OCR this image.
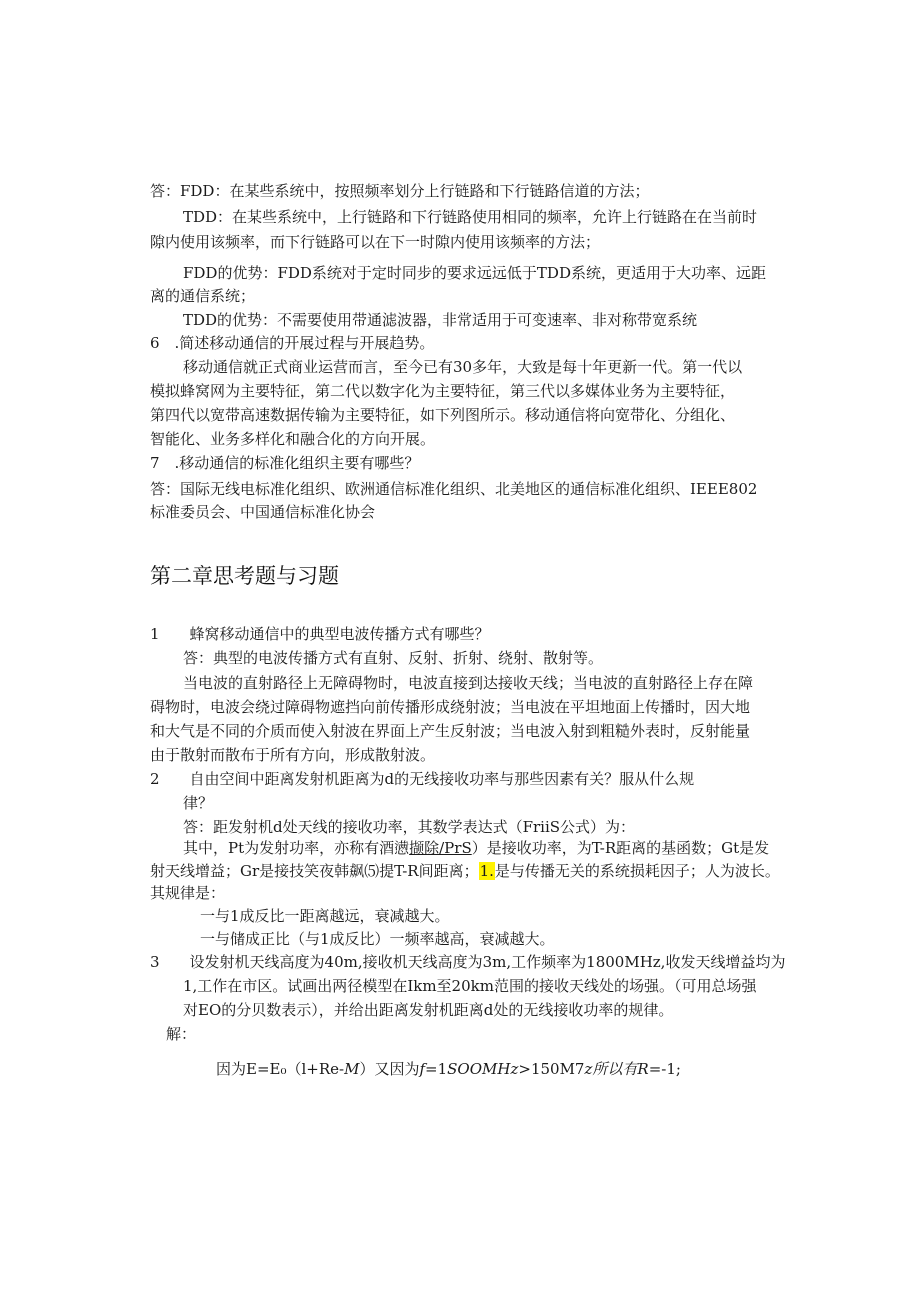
答：FDD：在某些系统中，按照频率划分上行链路和下行链路信道的方法；
TDD：在某些系统中，上行链路和下行链路使用相同的频率，允许上行链路在在当前时
隙内使用该频率，而下行链路可以在下一时隙内使用该频率的方法；
FDD的优势：FDD系统对于定时同步的要求远远低于TDD系统，更适用于大功率、远距
离的通信系统；
TDD的优势：不需要使用带通滤波器，非常适用于可变速率、非对称带宽系统
6　.简述移动通信的开展过程与开展趋势。
移动通信就正式商业运营而言，至今已有30多年，大致是每十年更新一代。第一代以
模拟蜂窝网为主要特征，第二代以数字化为主要特征，第三代以多媒体业务为主要特征，
第四代以宽带高速数据传输为主要特征，如下列图所示。移动通信将向宽带化、分组化、
智能化、业务多样化和融合化的方向开展。
7　.移动通信的标准化组织主要有哪些？
答：国际无线电标准化组织、欧洲通信标准化组织、北美地区的通信标准化组织、IEEE802
标准委员会、中国通信标准化协会
第二章思考题与习题
1　　蜂窝移动通信中的典型电波传播方式有哪些？
答：典型的电波传播方式有直射、反射、折射、绕射、散射等。
当电波的直射路径上无障碍物时，电波直接到达接收天线；当电波的直射路径上存在障
碍物时，电波会绕过障碍物遮挡向前传播形成绕射波；当电波在平坦地面上传播时，因大地
和大气是不同的介质而使入射波在界面上产生反射波；当电波入射到粗糙外表时，反射能量
由于散射而散布于所有方向，形成散射波。
2　　自由空间中距离发射机距离为d的无线接收功率与那些因素有关？服从什么规
律？
答：距发射机d处天线的接收功率，其数学表达式（FriiS公式）为：
其中，Pt为发射功率，亦称有酒懑撷除/PrS）是接收功率，为T-R距离的基函数；Gt是发
射天线增益；Gr是接技笑夜韩飙⑸提T-R间距离；1.是与传播无关的系统损耗因子；人为波长。
其规律是：
一与1成反比一距离越远，衰减越大。
一与储成正比（与1成反比）一频率越高，衰减越大。
3　　设发射机天线高度为40m,接收机天线高度为3m,工作频率为1800MHz,收发天线增益均为
1,工作在市区。试画出两径模型在Ikm至20km范围的接收天线处的场强。（可用总场强
对EO的分贝数表示），并给出距离发射机距离d处的无线接收功率的规律。
解：
因为E=E₀（l+Re-M）又因为f=1SOOMHz>150M7z所以有R=-1;
